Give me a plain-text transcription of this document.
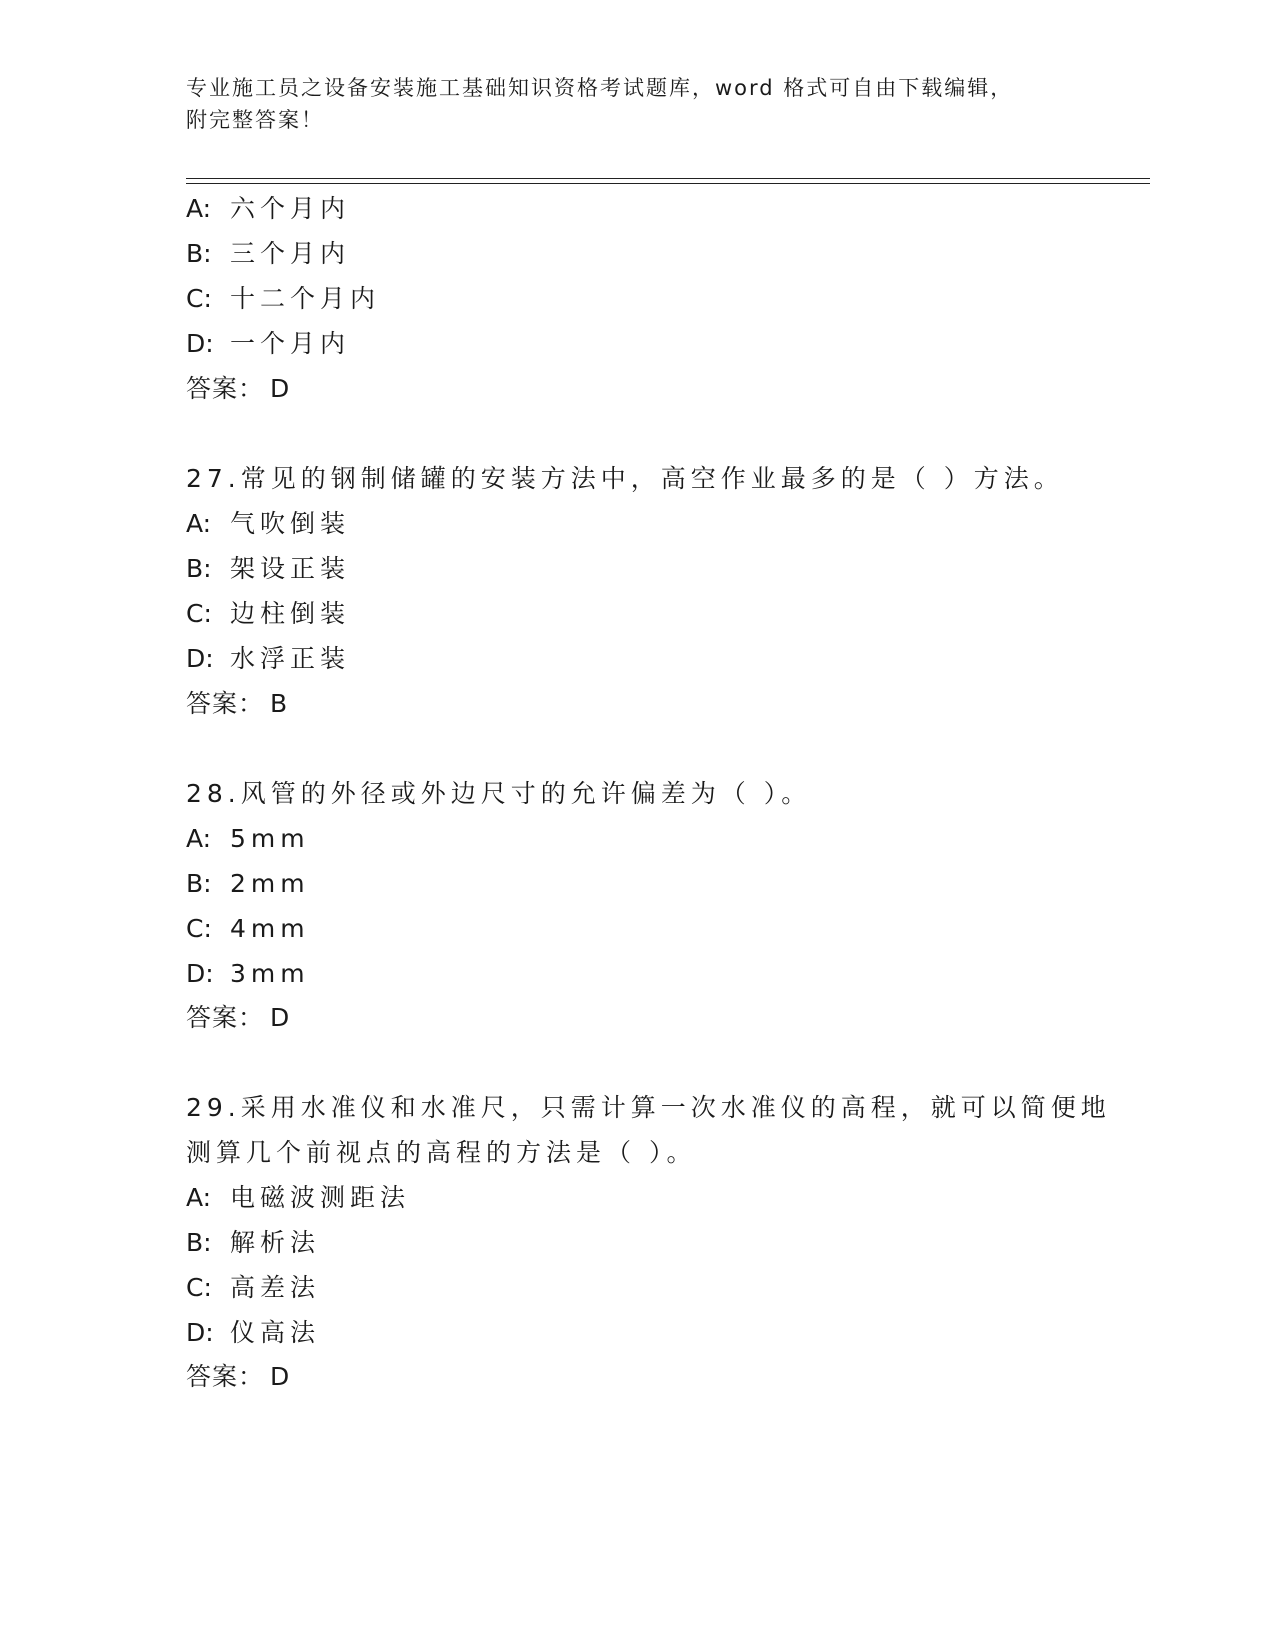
专业施工员之设备安装施工基础知识资格考试题库，word 格式可自由下载编辑，
附完整答案！
A: 六个月内
B: 三个月内
C: 十二个月内
D: 一个月内
答案： D
27.常见的钢制储罐的安装方法中，高空作业最多的是（ ）方法。
A: 气吹倒装
B: 架设正装
C: 边柱倒装
D: 水浮正装
答案： B
28.风管的外径或外边尺寸的允许偏差为（ ）。
A: 5mm
B: 2mm
C: 4mm
D: 3mm
答案： D
29.采用水准仪和水准尺，只需计算一次水准仪的高程，就可以简便地
测算几个前视点的高程的方法是（ ）。
A: 电磁波测距法
B: 解析法
C: 高差法
D: 仪高法
答案： D
